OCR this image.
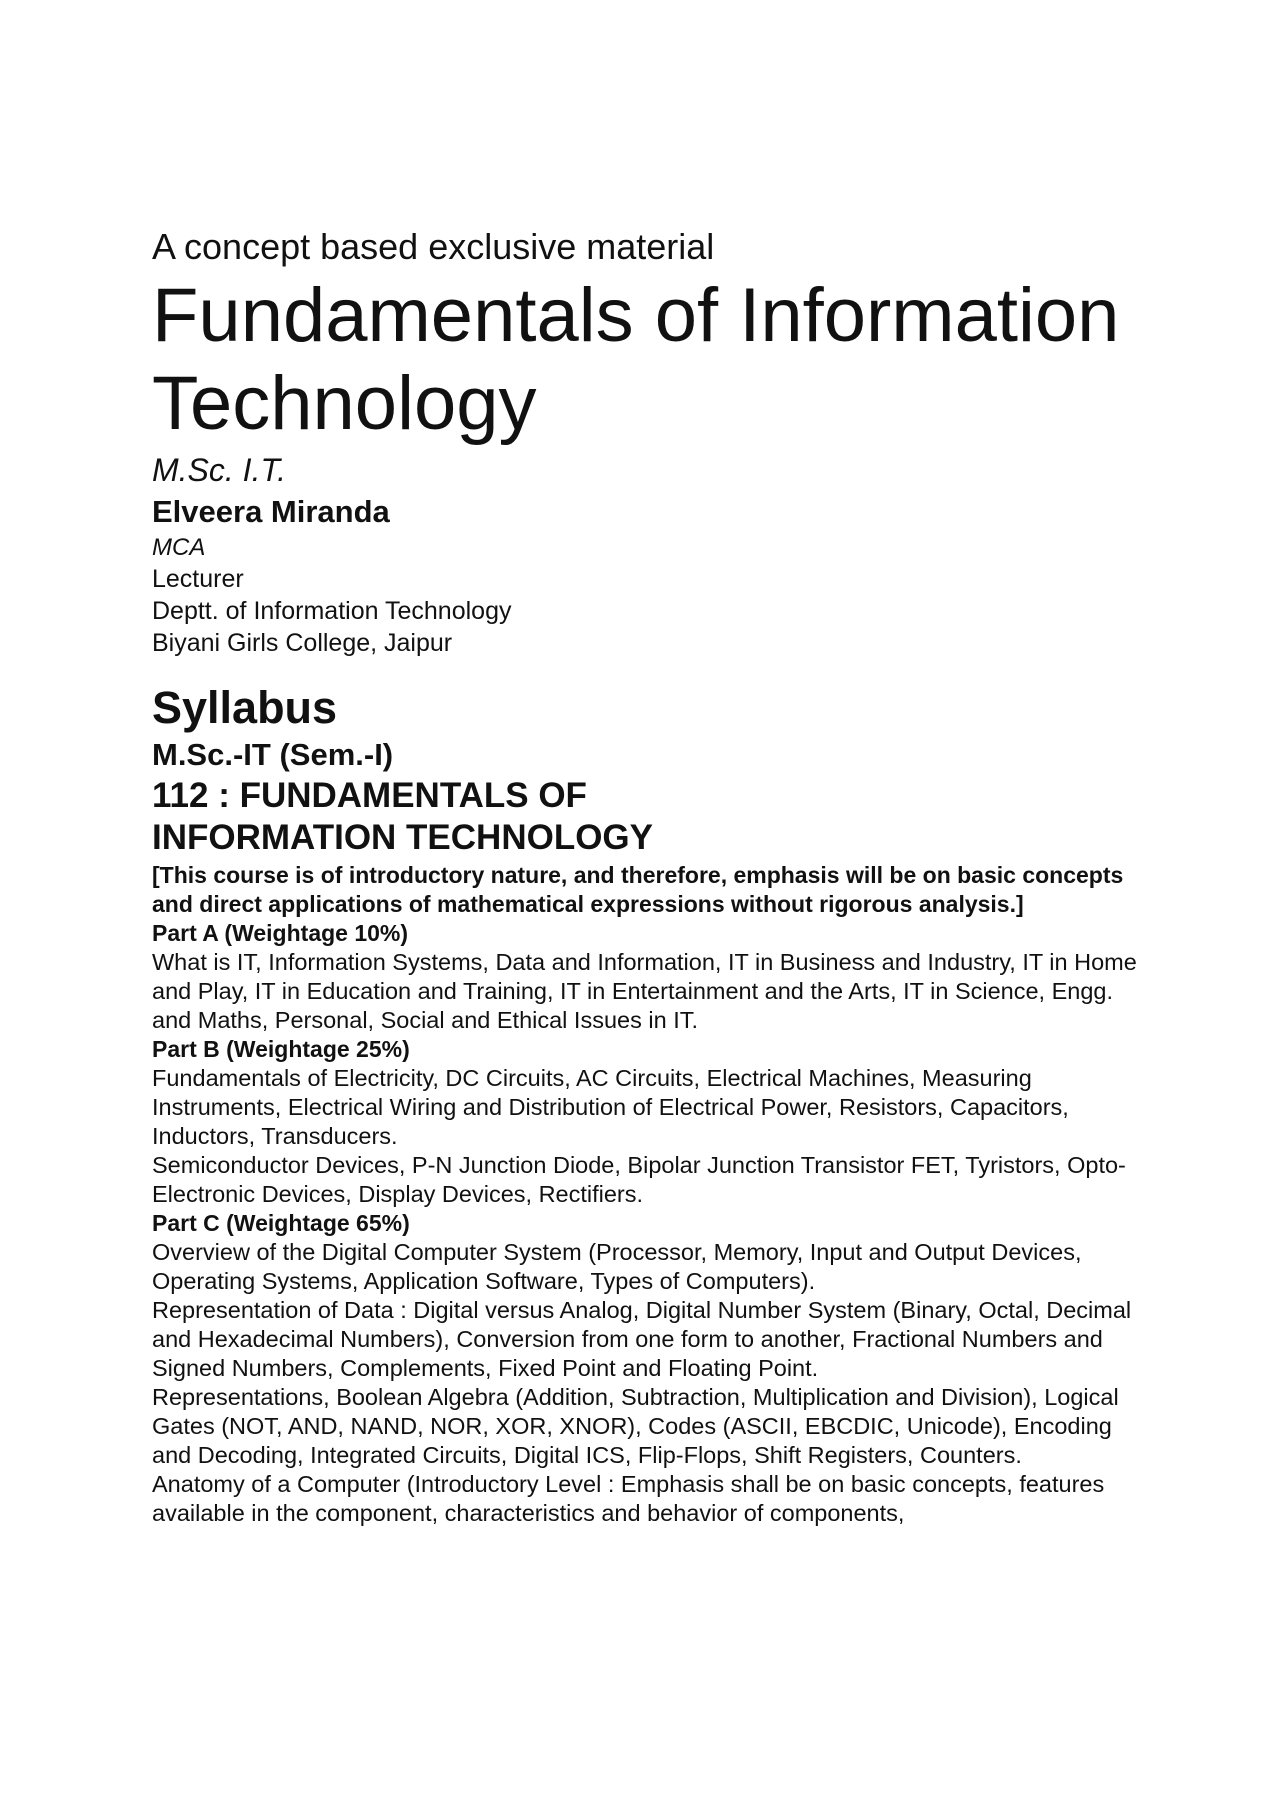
A concept based exclusive material

Fundamentals of Information
Technology

M.Sc. I.T.

Elveera Miranda

MCA

Lecturer

Deptt. of Information Technology

Biyani Girls College, Jaipur

Syllabus

M.Sc.-IT (Sem.-I)

112 : FUNDAMENTALS OF
INFORMATION TECHNOLOGY

[This course is of introductory nature, and therefore, emphasis will be on basic concepts and direct applications of mathematical expressions without rigorous analysis.]

Part A (Weightage 10%)

What is IT, Information Systems, Data and Information, IT in Business and Industry, IT in Home and Play, IT in Education and Training, IT in Entertainment and the Arts, IT in Science, Engg. and Maths, Personal, Social and Ethical Issues in IT.

Part B (Weightage 25%)

Fundamentals of Electricity, DC Circuits, AC Circuits, Electrical Machines, Measuring Instruments, Electrical Wiring and Distribution of Electrical Power, Resistors, Capacitors, Inductors, Transducers.

Semiconductor Devices, P-N Junction Diode, Bipolar Junction Transistor FET, Tyristors, Opto-Electronic Devices, Display Devices, Rectifiers.

Part C (Weightage 65%)

Overview of the Digital Computer System (Processor, Memory, Input and Output Devices, Operating Systems, Application Software, Types of Computers).

Representation of Data : Digital versus Analog, Digital Number System (Binary, Octal, Decimal and Hexadecimal Numbers), Conversion from one form to another, Fractional Numbers and Signed Numbers, Complements, Fixed Point and Floating Point.

Representations, Boolean Algebra (Addition, Subtraction, Multiplication and Division), Logical Gates (NOT, AND, NAND, NOR, XOR, XNOR), Codes (ASCII, EBCDIC, Unicode), Encoding and Decoding, Integrated Circuits, Digital ICS, Flip-Flops, Shift Registers, Counters.

Anatomy of a Computer (Introductory Level : Emphasis shall be on basic concepts, features available in the component, characteristics and behavior of components,
